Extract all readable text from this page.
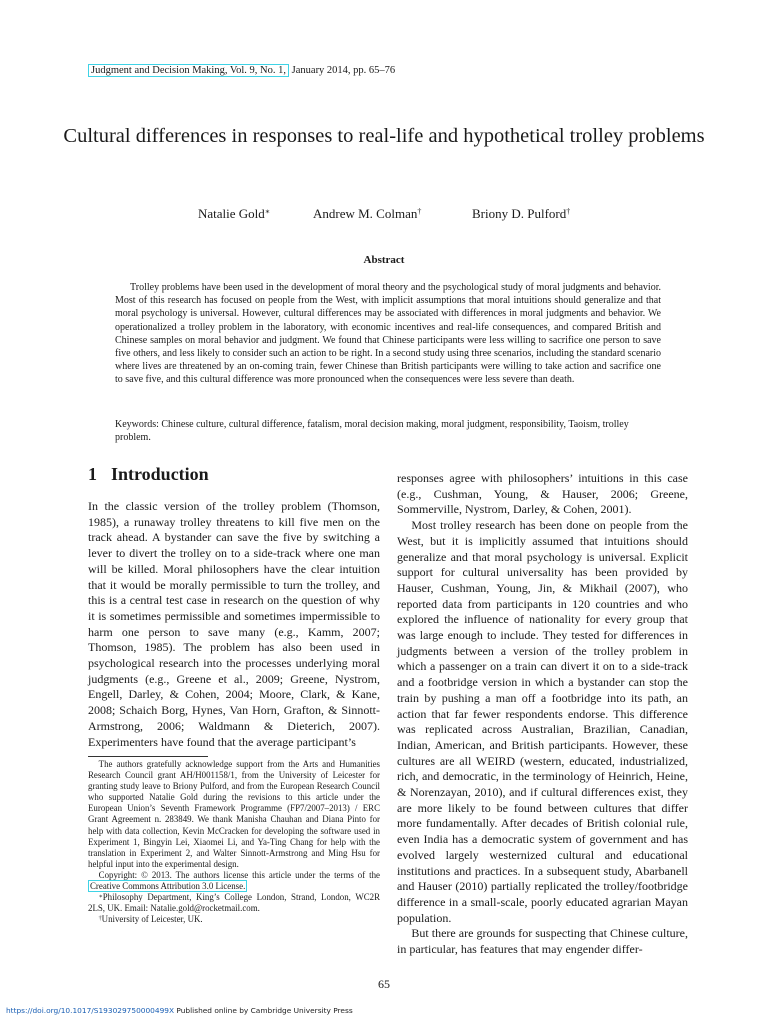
Judgment and Decision Making, Vol. 9, No. 1, January 2014, pp. 65–76
Cultural differences in responses to real-life and hypothetical trolley problems
Natalie Gold∗	Andrew M. Colman†	Briony D. Pulford†
Abstract

Trolley problems have been used in the development of moral theory and the psychological study of moral judgments and behavior. Most of this research has focused on people from the West, with implicit assumptions that moral intuitions should generalize and that moral psychology is universal. However, cultural differences may be associated with differences in moral judgments and behavior. We operationalized a trolley problem in the laboratory, with economic incentives and real-life consequences, and compared British and Chinese samples on moral behavior and judgment. We found that Chinese participants were less willing to sacrifice one person to save five others, and less likely to consider such an action to be right. In a second study using three scenarios, including the standard scenario where lives are threatened by an on-coming train, fewer Chinese than British participants were willing to take action and sacrifice one to save five, and this cultural difference was more pronounced when the consequences were less severe than death.

Keywords: Chinese culture, cultural difference, fatalism, moral decision making, moral judgment, responsibility, Taoism, trolley problem.

1 Introduction

In the classic version of the trolley problem (Thomson, 1985), a runaway trolley threatens to kill five men on the track ahead. A bystander can save the five by switching a lever to divert the trolley on to a side-track where one man will be killed. Moral philosophers have the clear intuition that it would be morally permissible to turn the trolley, and this is a central test case in research on the question of why it is sometimes permissible and sometimes impermissible to harm one person to save many (e.g., Kamm, 2007; Thomson, 1985). The problem has also been used in psychological research into the processes underlying moral judgments (e.g., Greene et al., 2009; Greene, Nystrom, Engell, Darley, & Cohen, 2004; Moore, Clark, & Kane, 2008; Schaich Borg, Hynes, Van Horn, Grafton, & Sinnott-Armstrong, 2006; Waldmann & Dieterich, 2007). Experimenters have found that the average participant’s

responses agree with philosophers’ intuitions in this case (e.g., Cushman, Young, & Hauser, 2006; Greene, Sommerville, Nystrom, Darley, & Cohen, 2001).

Most trolley research has been done on people from the West, but it is implicitly assumed that intuitions should generalize and that moral psychology is universal. Explicit support for cultural universality has been provided by Hauser, Cushman, Young, Jin, & Mikhail (2007), who reported data from participants in 120 countries and who explored the influence of nationality for every group that was large enough to include. They tested for differences in judgments between a version of the trolley problem in which a passenger on a train can divert it on to a side-track and a footbridge version in which a bystander can stop the train by pushing a man off a footbridge into its path, an action that far fewer respondents endorse. This difference was replicated across Australian, Brazilian, Canadian, Indian, American, and British participants. However, these cultures are all WEIRD (western, educated, industrialized, rich, and democratic, in the terminology of Heinrich, Heine, & Norenzayan, 2010), and if cultural differences exist, they are more likely to be found between cultures that differ more fundamentally. After decades of British colonial rule, even India has a democratic system of government and has evolved largely westernized cultural and educational institutions and practices. In a subsequent study, Abarbanell and Hauser (2010) partially replicated the trolley/footbridge difference in a small-scale, poorly educated agrarian Mayan population.

But there are grounds for suspecting that Chinese culture, in particular, has features that may engender differ-

The authors gratefully acknowledge support from the Arts and Humanities Research Council grant AH/H001158/1, from the University of Leicester for granting study leave to Briony Pulford, and from the European Research Council who supported Natalie Gold during the revisions to this article under the European Union’s Seventh Framework Programme (FP7/2007–2013) / ERC Grant Agreement n. 283849. We thank Manisha Chauhan and Diana Pinto for help with data collection, Kevin McCracken for developing the software used in Experiment 1, Bingyin Lei, Xiaomei Li, and Ya-Ting Chang for help with the translation in Experiment 2, and Walter Sinnott-Armstrong and Ming Hsu for helpful input into the experimental design.

Copyright: © 2013. The authors license this article under the terms of the Creative Commons Attribution 3.0 License.

∗Philosophy Department, King’s College London, Strand, London, WC2R 2LS, UK. Email: Natalie.gold@rocketmail.com.

†University of Leicester, UK.

65
https://doi.org/10.1017/S193029750000499X Published online by Cambridge University Press
